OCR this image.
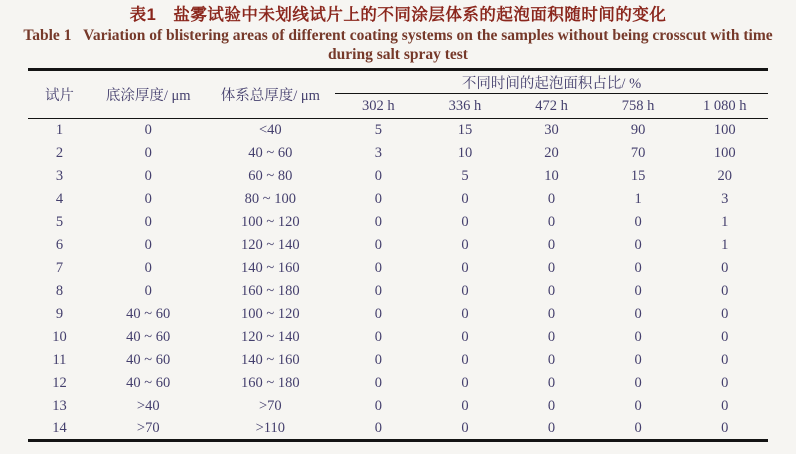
表1　盐雾试验中未划线试片上的不同涂层体系的起泡面积随时间的变化
Table 1   Variation of blistering areas of different coating systems on the samples without being crosscut with time
during salt spray test
试片	底涂厚度/ μm	体系总厚度/ μm	不同时间的起泡面积占比/ %				
			302 h	336 h	472 h	758 h	1 080 h
1	0	<40	5	15	30	90	100
2	0	40 ~ 60	3	10	20	70	100
3	0	60 ~ 80	0	5	10	15	20
4	0	80 ~ 100	0	0	0	1	3
5	0	100 ~ 120	0	0	0	0	1
6	0	120 ~ 140	0	0	0	0	1
7	0	140 ~ 160	0	0	0	0	0
8	0	160 ~ 180	0	0	0	0	0
9	40 ~ 60	100 ~ 120	0	0	0	0	0
10	40 ~ 60	120 ~ 140	0	0	0	0	0
11	40 ~ 60	140 ~ 160	0	0	0	0	0
12	40 ~ 60	160 ~ 180	0	0	0	0	0
13	>40	>70	0	0	0	0	0
14	>70	>110	0	0	0	0	0
